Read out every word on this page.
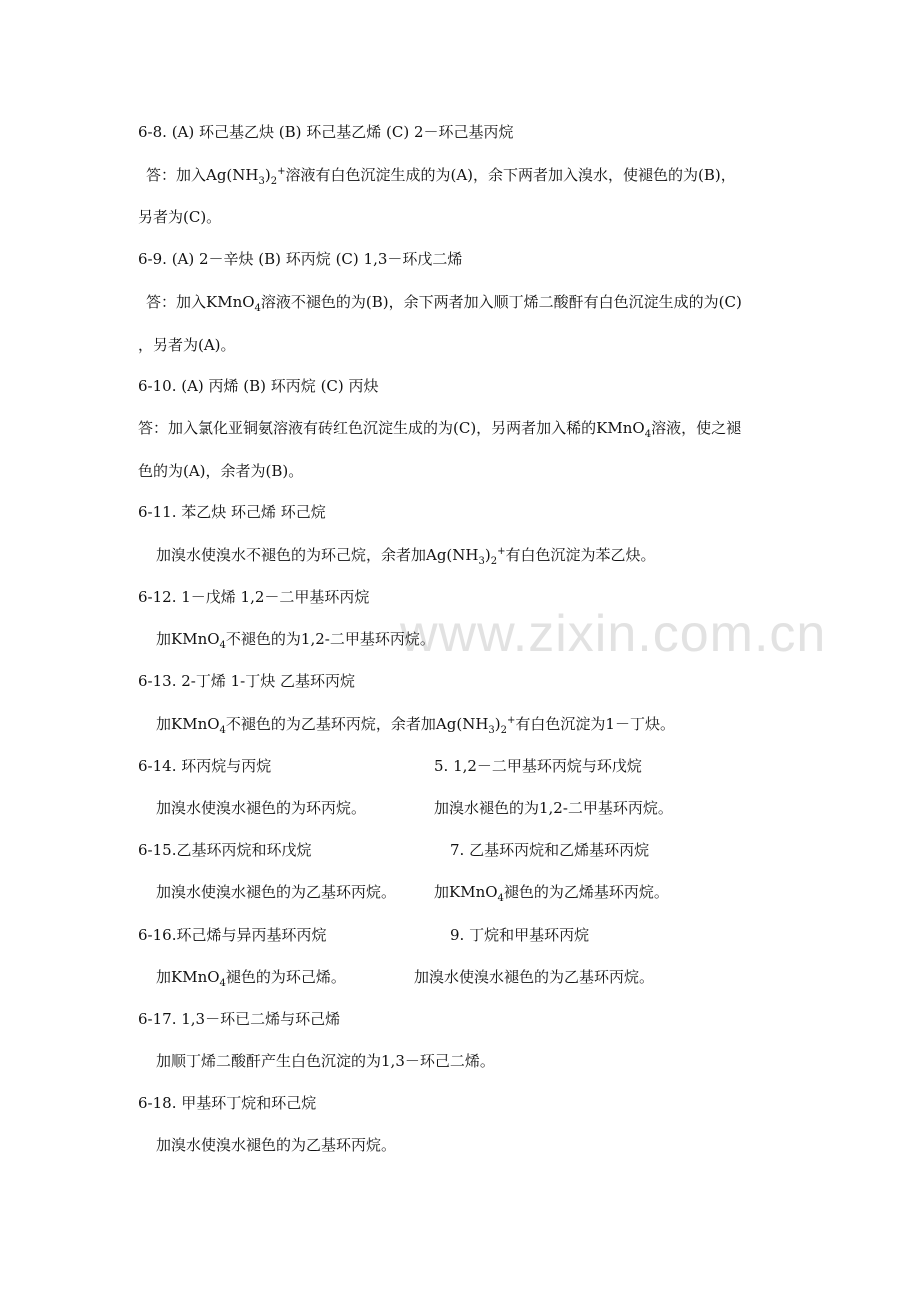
www.zixin.com.cn
6-8. (A) 环己基乙炔 (B) 环己基乙烯 (C) 2－环己基丙烷
答：加入$Ag(NH_3)_2^+$溶液有白色沉淀生成的为(A)，余下两者加入溴水，使褪色的为(B)，
另者为(C)。
6-9. (A) 2－辛炔 (B) 环丙烷 (C) 1,3－环戊二烯
答：加入KMnO$_4$溶液不褪色的为(B)，余下两者加入顺丁烯二酸酐有白色沉淀生成的为(C)
，另者为(A)。
6-10. (A) 丙烯 (B) 环丙烷 (C) 丙炔
答：加入氯化亚铜氨溶液有砖红色沉淀生成的为(C)，另两者加入稀的KMnO$_4$溶液，使之褪
色的为(A)，余者为(B)。
6-11. 苯乙炔 环己烯 环己烷
加溴水使溴水不褪色的为环己烷，余者加$Ag(NH_3)_2^+$有白色沉淀为苯乙炔。
6-12. 1－戊烯 1,2－二甲基环丙烷
加KMnO$_4$不褪色的为1,2-二甲基环丙烷。
6-13. 2-丁烯 1-丁炔 乙基环丙烷
加KMnO$_4$不褪色的为乙基环丙烷，余者加$Ag(NH_3)_2^+$有白色沉淀为1－丁炔。
6-14. 环丙烷与丙烷	5. 1,2－二甲基环丙烷与环戊烷
加溴水使溴水褪色的为环丙烷。	加溴水褪色的为1,2-二甲基环丙烷。
6-15.乙基环丙烷和环戊烷	7. 乙基环丙烷和乙烯基环丙烷
加溴水使溴水褪色的为乙基环丙烷。	加KMnO$_4$褪色的为乙烯基环丙烷。
6-16.环己烯与异丙基环丙烷	9. 丁烷和甲基环丙烷
加KMnO$_4$褪色的为环己烯。	加溴水使溴水褪色的为乙基环丙烷。
6-17. 1,3－环已二烯与环己烯
加顺丁烯二酸酐产生白色沉淀的为1,3－环己二烯。
6-18. 甲基环丁烷和环己烷
加溴水使溴水褪色的为乙基环丙烷。
